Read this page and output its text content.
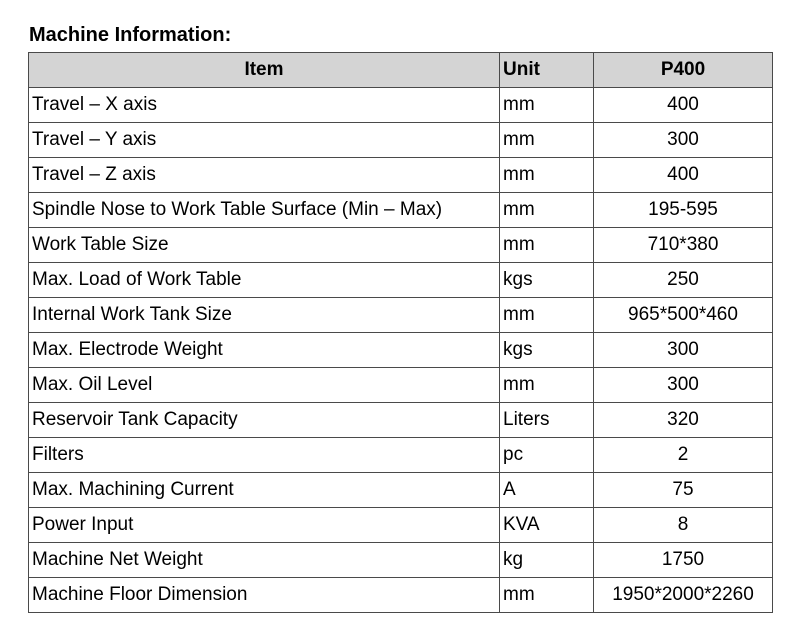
Machine Information:
Item	Unit	P400
Travel – X axis	mm	400
Travel – Y axis	mm	300
Travel – Z axis	mm	400
Spindle Nose to Work Table Surface (Min – Max)	mm	195-595
Work Table Size	mm	710*380
Max. Load of Work Table	kgs	250
Internal Work Tank Size	mm	965*500*460
Max. Electrode Weight	kgs	300
Max. Oil Level	mm	300
Reservoir Tank Capacity	Liters	320
Filters	pc	2
Max. Machining Current	A	75
Power Input	KVA	8
Machine Net Weight	kg	1750
Machine Floor Dimension	mm	1950*2000*2260
